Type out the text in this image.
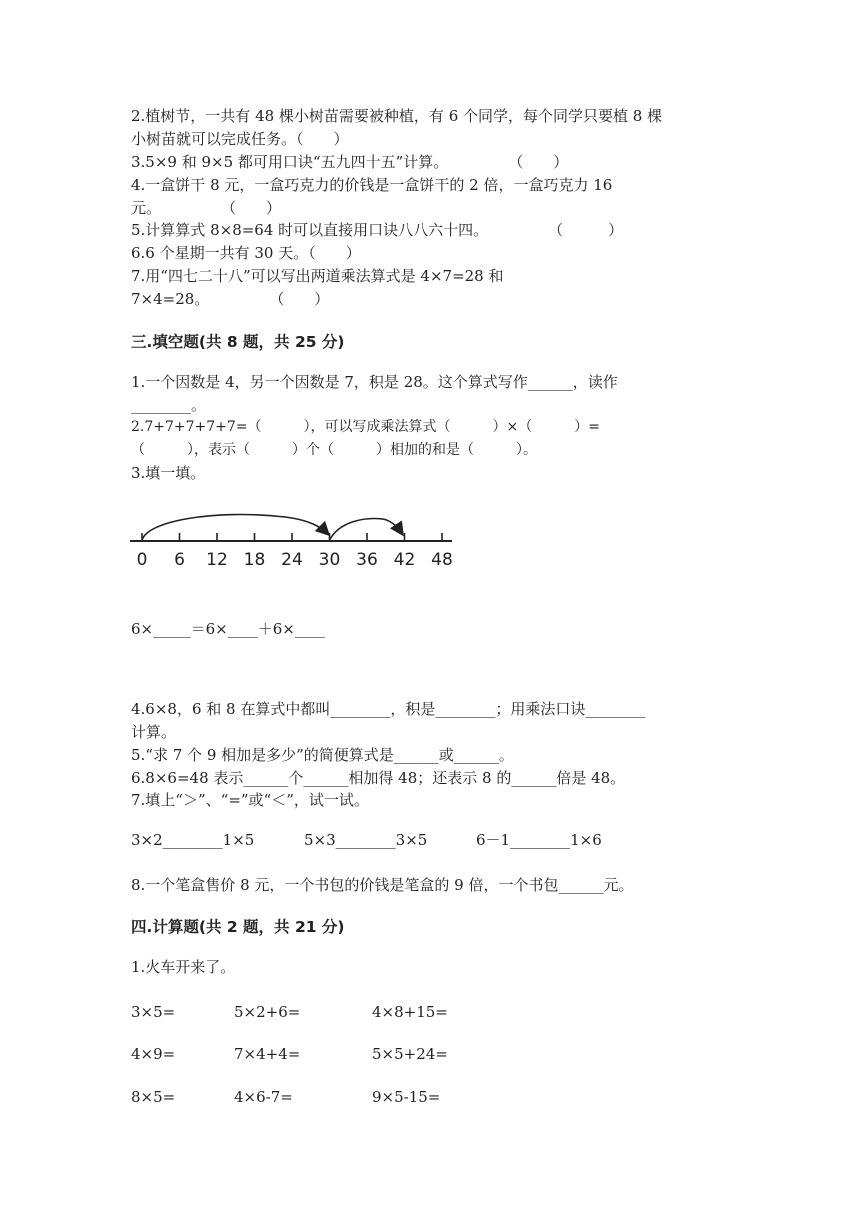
2.植树节，一共有 48 棵小树苗需要被种植，有 6 个同学，每个同学只要植 8 棵
小树苗就可以完成任务。（　　）
3.5×9 和 9×5 都可用口诀“五九四十五”计算。　　　　　（　　）
4.一盒饼干 8 元，一盒巧克力的价钱是一盒饼干的 2 倍，一盒巧克力 16
元。　　　　　（　　）
5.计算算式 8×8=64 时可以直接用口诀八八六十四。　　　　　（　　　）
6.6 个星期一共有 30 天。（　　）
7.用“四七二十八”可以写出两道乘法算式是 4×7=28 和
7×4=28。　　　　　（　　）
三.填空题(共 8 题，共 25 分)
1.一个因数是 4，另一个因数是 7，积是 28。这个算式写作______，读作
________。
2.7+7+7+7+7=（　　　），可以写成乘法算式（　　　）×（　　　）=
（　　　），表示（　　　）个（　　　）相加的和是（　　　）。
3.填一填。
0 6 12 18 24 30 36 42 48
6×_____＝6×____＋6×____
4.6×8，6 和 8 在算式中都叫________，积是________；用乘法口诀________
计算。
5.“求 7 个 9 相加是多少”的简便算式是______或______。
6.8×6=48 表示______个______相加得 48；还表示 8 的______倍是 48。
7.填上“＞”、“=”或“＜”，试一试。
3×2________1×5	5×3________3×5	6－1________1×6
8.一个笔盒售价 8 元，一个书包的价钱是笔盒的 9 倍，一个书包______元。
四.计算题(共 2 题，共 21 分)
1.火车开来了。
3×5=	5×2+6=	4×8+15=
4×9=	7×4+4=	5×5+24=
8×5=	4×6-7=	9×5-15=
